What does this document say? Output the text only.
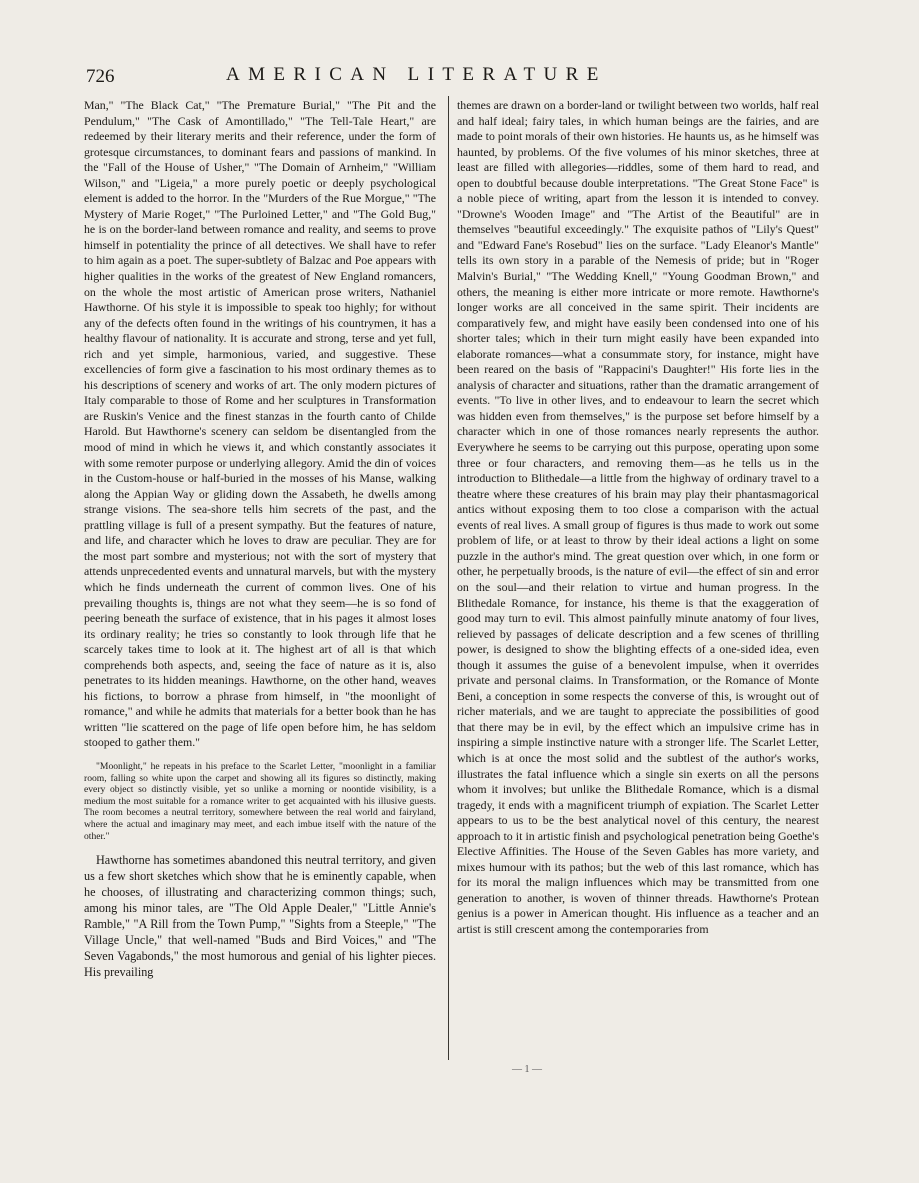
726	AMERICAN LITERATURE

Man," "The Black Cat," "The Premature Burial," "The Pit and the Pendulum," "The Cask of Amontillado," "The Tell-Tale Heart," are redeemed by their literary merits and their reference, under the form of grotesque circumstances, to dominant fears and passions of mankind. In the "Fall of the House of Usher," "The Domain of Arnheim," "William Wilson," and "Ligeia," a more purely poetic or deeply psychological element is added to the horror. In the "Murders of the Rue Morgue," "The Mystery of Marie Roget," "The Purloined Letter," and "The Gold Bug," he is on the border-land between romance and reality, and seems to prove himself in potentiality the prince of all detectives. We shall have to refer to him again as a poet. The super-subtlety of Balzac and Poe appears with higher qualities in the works of the greatest of New England romancers, on the whole the most artistic of American prose writers, Nathaniel Hawthorne. Of his style it is impossible to speak too highly; for without any of the defects often found in the writings of his countrymen, it has a healthy flavour of nationality. It is accurate and strong, terse and yet full, rich and yet simple, harmonious, varied, and suggestive. These excellencies of form give a fascination to his most ordinary themes as to his descriptions of scenery and works of art. The only modern pictures of Italy comparable to those of Rome and her sculptures in Transformation are Ruskin's Venice and the finest stanzas in the fourth canto of Childe Harold. But Hawthorne's scenery can seldom be disentangled from the mood of mind in which he views it, and which constantly associates it with some remoter purpose or underlying allegory. Amid the din of voices in the Custom-house or half-buried in the mosses of his Manse, walking along the Appian Way or gliding down the Assabeth, he dwells among strange visions. The sea-shore tells him secrets of the past, and the prattling village is full of a present sympathy. But the features of nature, and life, and character which he loves to draw are peculiar. They are for the most part sombre and mysterious; not with the sort of mystery that attends unprecedented events and unnatural marvels, but with the mystery which he finds underneath the current of common lives. One of his prevailing thoughts is, things are not what they seem—he is so fond of peering beneath the surface of existence, that in his pages it almost loses its ordinary reality; he tries so constantly to look through life that he scarcely takes time to look at it. The highest art of all is that which comprehends both aspects, and, seeing the face of nature as it is, also penetrates to its hidden meanings. Hawthorne, on the other hand, weaves his fictions, to borrow a phrase from himself, in "the moonlight of romance," and while he admits that materials for a better book than he has written "lie scattered on the page of life open before him, he has seldom stooped to gather them."

"Moonlight," he repeats in his preface to the Scarlet Letter, "moonlight in a familiar room, falling so white upon the carpet and showing all its figures so distinctly, making every object so distinctly visible, yet so unlike a morning or noontide visibility, is a medium the most suitable for a romance writer to get acquainted with his illusive guests. The room becomes a neutral territory, somewhere between the real world and fairyland, where the actual and imaginary may meet, and each imbue itself with the nature of the other."

Hawthorne has sometimes abandoned this neutral territory, and given us a few short sketches which show that he is eminently capable, when he chooses, of illustrating and characterizing common things; such, among his minor tales, are "The Old Apple Dealer," "Little Annie's Ramble," "A Rill from the Town Pump," "Sights from a Steeple," "The Village Uncle," that well-named "Buds and Bird Voices," and "The Seven Vagabonds," the most humorous and genial of his lighter pieces. His prevailing

themes are drawn on a border-land or twilight between two worlds, half real and half ideal; fairy tales, in which human beings are the fairies, and are made to point morals of their own histories. He haunts us, as he himself was haunted, by problems. Of the five volumes of his minor sketches, three at least are filled with allegories—riddles, some of them hard to read, and open to doubtful because double interpretations. "The Great Stone Face" is a noble piece of writing, apart from the lesson it is intended to convey. "Drowne's Wooden Image" and "The Artist of the Beautiful" are in themselves "beautiful exceedingly." The exquisite pathos of "Lily's Quest" and "Edward Fane's Rosebud" lies on the surface. "Lady Eleanor's Mantle" tells its own story in a parable of the Nemesis of pride; but in "Roger Malvin's Burial," "The Wedding Knell," "Young Goodman Brown," and others, the meaning is either more intricate or more remote. Hawthorne's longer works are all conceived in the same spirit. Their incidents are comparatively few, and might have easily been condensed into one of his shorter tales; which in their turn might easily have been expanded into elaborate romances—what a consummate story, for instance, might have been reared on the basis of "Rappacini's Daughter!" His forte lies in the analysis of character and situations, rather than the dramatic arrangement of events. "To live in other lives, and to endeavour to learn the secret which was hidden even from themselves," is the purpose set before himself by a character which in one of those romances nearly represents the author. Everywhere he seems to be carrying out this purpose, operating upon some three or four characters, and removing them—as he tells us in the introduction to Blithedale—a little from the highway of ordinary travel to a theatre where these creatures of his brain may play their phantasmagorical antics without exposing them to too close a comparison with the actual events of real lives. A small group of figures is thus made to work out some problem of life, or at least to throw by their ideal actions a light on some puzzle in the author's mind. The great question over which, in one form or other, he perpetually broods, is the nature of evil—the effect of sin and error on the soul—and their relation to virtue and human progress. In the Blithedale Romance, for instance, his theme is that the exaggeration of good may turn to evil. This almost painfully minute anatomy of four lives, relieved by passages of delicate description and a few scenes of thrilling power, is designed to show the blighting effects of a one-sided idea, even though it assumes the guise of a benevolent impulse, when it overrides private and personal claims. In Transformation, or the Romance of Monte Beni, a conception in some respects the converse of this, is wrought out of richer materials, and we are taught to appreciate the possibilities of good that there may be in evil, by the effect which an impulsive crime has in inspiring a simple instinctive nature with a stronger life. The Scarlet Letter, which is at once the most solid and the subtlest of the author's works, illustrates the fatal influence which a single sin exerts on all the persons whom it involves; but unlike the Blithedale Romance, which is a dismal tragedy, it ends with a magnificent triumph of expiation. The Scarlet Letter appears to us to be the best analytical novel of this century, the nearest approach to it in artistic finish and psychological penetration being Goethe's Elective Affinities. The House of the Seven Gables has more variety, and mixes humour with its pathos; but the web of this last romance, which has for its moral the malign influences which may be transmitted from one generation to another, is woven of thinner threads. Hawthorne's Protean genius is a power in American thought. His influence as a teacher and an artist is still crescent among the contemporaries from

— 1 —
